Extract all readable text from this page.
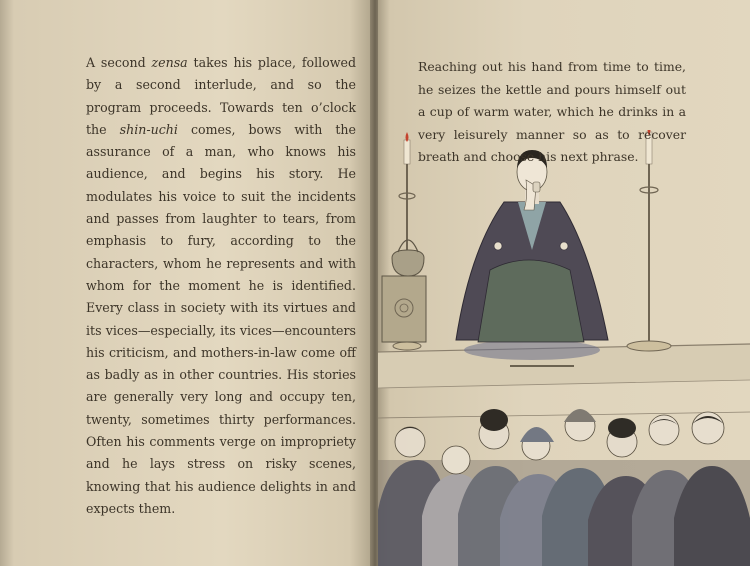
A second zensa takes his place, followed by a second interlude, and so the program proceeds. Towards ten o’clock the shin-uchi comes, bows with the assurance of a man, who knows his audience, and begins his story. He modulates his voice to suit the incidents and passes from laughter to tears, from emphasis to fury, according to the characters, whom he represents and with whom for the moment he is identified. Every class in society with its virtues and its vices—especially, its vices—encounters his criticism, and mothers-in-law come off as badly as in other countries. His stories are generally very long and occupy ten, twenty, sometimes thirty performances. Often his comments verge on impropriety and he lays stress on risky scenes, knowing that his audience delights in and expects them.

Reaching out his hand from time to time, he seizes the kettle and pours himself out a cup of warm water, which he drinks in a very leisurely manner so as to recover breath and choose his next phrase.
